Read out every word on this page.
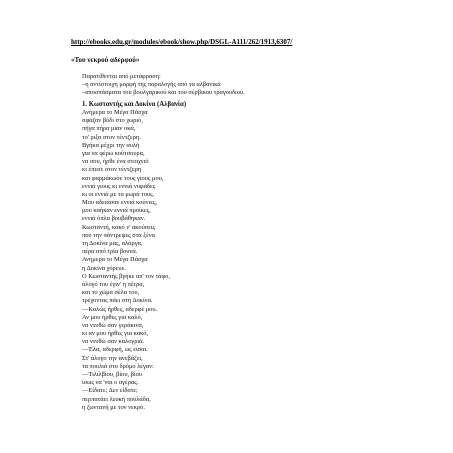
http://ebooks.edu.gr/modules/ebook/show.php/DSGL-A111/262/1913,6307/
«Του νεκρού αδερφού»
Παρατίθενται από μετάφραση:
–η αντίστοιχη μορφή της παραλογής από τα αλβανικά
–αποσπάσματα του βουλγαρικού και του σέρβικου τραγουδιού.
1. Κωσταντής και Δοκίνα (Αλβανία)
Ανήμερα το Μέγα Πάσχα
σφάζαν βόδι στο χωριό,
πήγα πήρα μιαν οκά,
το' ριξα στον τέντζερη.
Βγήκα μέχρι την αυλή
για να φέρω κούτσουρα,
να σου, ήρθε ένα στοιχειό
κι έπεσε στον τέντζερη
και φαρμάκωσε τους γιους μου,
εννιά γιους κι εννιά νυφάδες
κι οι εννιά με τα μωρά τους.
Μου αδειάσαν εννιά κούνιες,
μου καήκαν εννιά προίκες,
εννιά όπλα βουβάθηκαν.
Κωσταντή, κακό ν' ακούσεις
που την πάντρεψες στα ξένα
τη Δοκίνα μας, αλάργα,
πέρα από τρία βουνά.
Ανήμερα το Μέγα Πάσχα
η Δοκίνα χόρευε.
Ο Κωσταντής βγήκε απ' τον τάφο,
άλογό του έγιν' η πέτρα,
και το χώμα σέλα του,
τρέχοντας πάει στη Δοκίνα.
—Καλώς ήρθες, αδερφέ μου.
Αν μου ήρθες για καλό,
να ντυθώ σαν γεράκινα,
κι αν μου ήρθες για κακό,
να ντυθώ σαν καλογριά.
—Έλα, αδερφή, ως είσαι.
Στ' άλογο την ανεβάζει,
τα πουλιά στο δρόμο λέγαν:
—Τιλιλβίου, βίου, βίου
ίσως να 'ναι ο αγέρας.
—Είδατε; Δεν είδατε;
περπατάει λευκή πουλάδα,
η ζωντανή με τον νεκρό.
